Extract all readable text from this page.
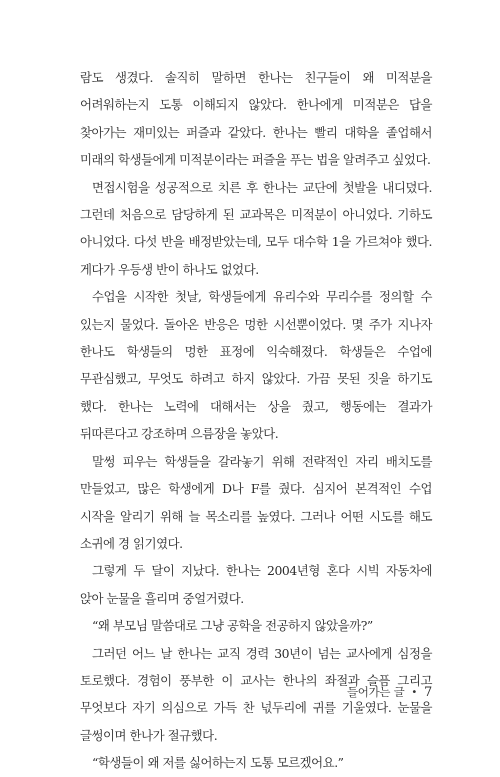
람도 생겼다. 솔직히 말하면 한나는 친구들이 왜 미적분을 어려워하는지 도통 이해되지 않았다. 한나에게 미적분은 답을 찾아가는 재미있는 퍼즐과 같았다. 한나는 빨리 대학을 졸업해서 미래의 학생들에게 미적분이라는 퍼즐을 푸는 법을 알려주고 싶었다.

면접시험을 성공적으로 치른 후 한나는 교단에 첫발을 내디뎠다. 그런데 처음으로 담당하게 된 교과목은 미적분이 아니었다. 기하도 아니었다. 다섯 반을 배정받았는데, 모두 대수학 1을 가르쳐야 했다. 게다가 우등생 반이 하나도 없었다.

수업을 시작한 첫날, 학생들에게 유리수와 무리수를 정의할 수 있는지 물었다. 돌아온 반응은 멍한 시선뿐이었다. 몇 주가 지나자 한나도 학생들의 멍한 표정에 익숙해졌다. 학생들은 수업에 무관심했고, 무엇도 하려고 하지 않았다. 가끔 못된 짓을 하기도 했다. 한나는 노력에 대해서는 상을 줬고, 행동에는 결과가 뒤따른다고 강조하며 으름장을 놓았다.

말썽 피우는 학생들을 갈라놓기 위해 전략적인 자리 배치도를 만들었고, 많은 학생에게 D나 F를 줬다. 심지어 본격적인 수업 시작을 알리기 위해 늘 목소리를 높였다. 그러나 어떤 시도를 해도 소귀에 경 읽기였다.

그렇게 두 달이 지났다. 한나는 2004년형 혼다 시빅 자동차에 앉아 눈물을 흘리며 중얼거렸다.

“왜 부모님 말씀대로 그냥 공학을 전공하지 않았을까?”

그러던 어느 날 한나는 교직 경력 30년이 넘는 교사에게 심정을 토로했다. 경험이 풍부한 이 교사는 한나의 좌절과 슬픔 그리고 무엇보다 자기 의심으로 가득 찬 넋두리에 귀를 기울였다. 눈물을 글썽이며 한나가 절규했다.

“학생들이 왜 저를 싫어하는지 도통 모르겠어요.”

들어가는 글 • 7
